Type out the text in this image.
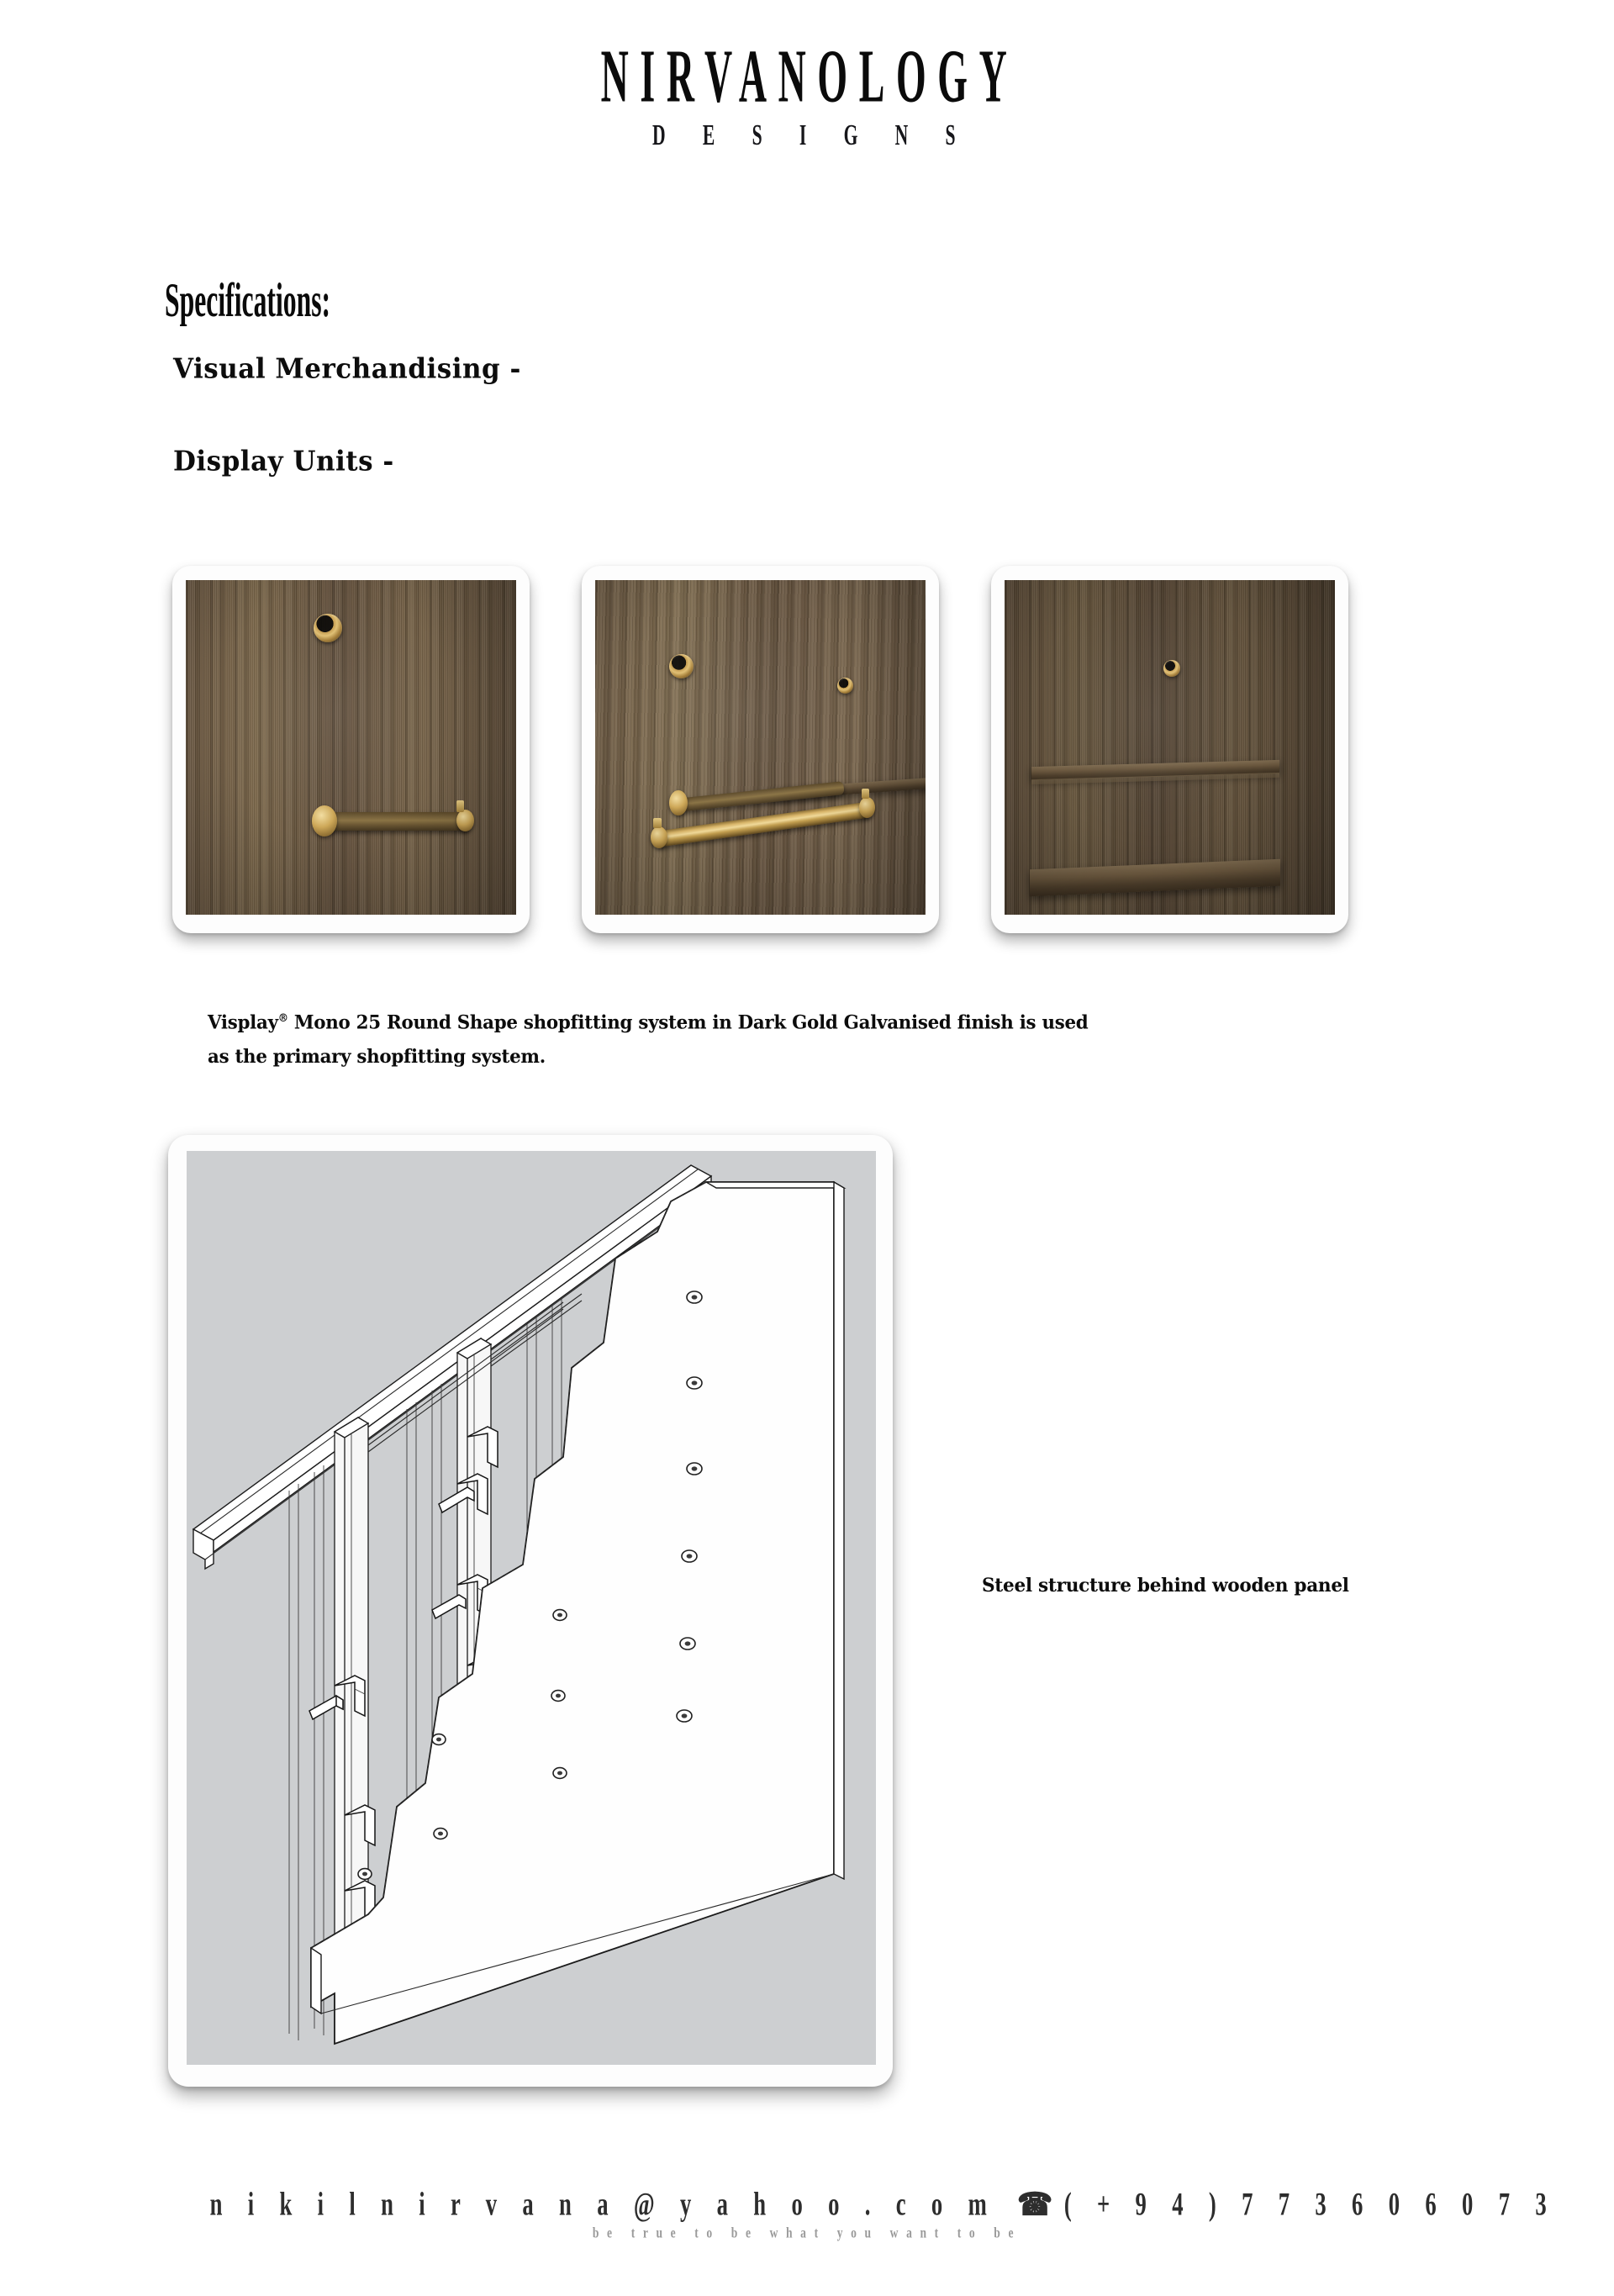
NIRVANOLOGY
D E S I G N S
Specifications:
Visual Merchandising -
Display Units -
Visplay® Mono 25 Round Shape shopfitting system in Dark Gold Galvanised finish is used
as the primary shopfitting system.
Steel structure behind wooden panel
n i k i l n i r v a n a @ y a h o o . c o m ☎ ( + 9 4 ) 7 7 3 6 0 6 0 7 3
be true to be what you want to be
